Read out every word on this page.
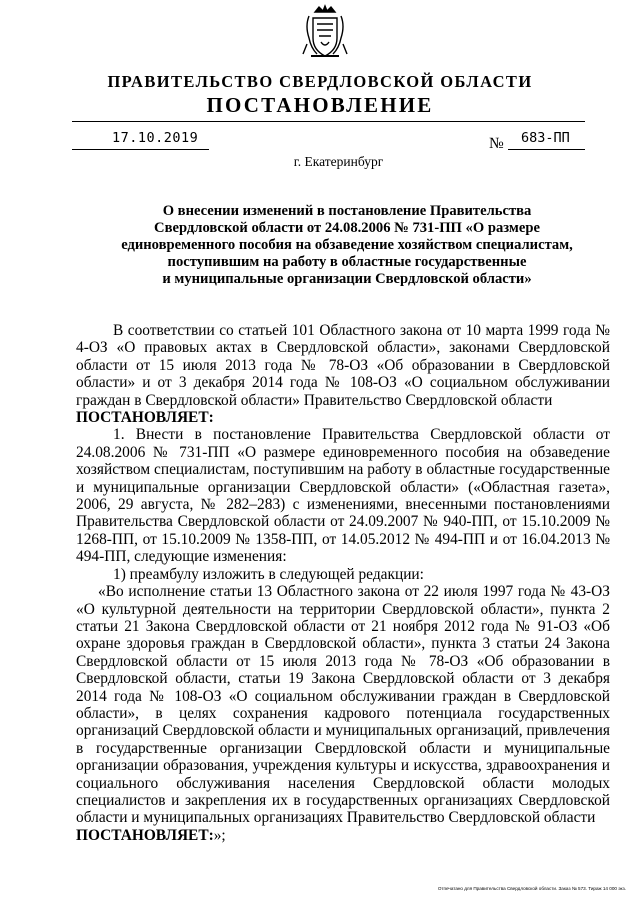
ПРАВИТЕЛЬСТВО СВЕРДЛОВСКОЙ ОБЛАСТИ
ПОСТАНОВЛЕНИЕ
17.10.2019	№ 683-ПП
г. Екатеринбург
О внесении изменений в постановление Правительства
Свердловской области от 24.08.2006 № 731-ПП «О размере
единовременного пособия на обзаведение хозяйством специалистам,
поступившим на работу в областные государственные
и муниципальные организации Свердловской области»

В соответствии со статьей 101 Областного закона от 10 марта 1999 года № 4-ОЗ «О правовых актах в Свердловской области», законами Свердловской области от 15 июля 2013 года № 78-ОЗ «Об образовании в Свердловской области» и от 3 декабря 2014 года № 108-ОЗ «О социальном обслуживании граждан в Свердловской области» Правительство Свердловской области

ПОСТАНОВЛЯЕТ:

1. Внести в постановление Правительства Свердловской области от 24.08.2006 № 731-ПП «О размере единовременного пособия на обзаведение хозяйством специалистам, поступившим на работу в областные государственные и муниципальные организации Свердловской области» («Областная газета», 2006, 29 августа, № 282–283) с изменениями, внесенными постановлениями Правительства Свердловской области от 24.09.2007 № 940-ПП, от 15.10.2009 № 1268-ПП, от 15.10.2009 № 1358-ПП, от 14.05.2012 № 494-ПП и от 16.04.2013 № 494-ПП, следующие изменения:

1) преамбулу изложить в следующей редакции:

«Во исполнение статьи 13 Областного закона от 22 июля 1997 года № 43-ОЗ «О культурной деятельности на территории Свердловской области», пункта 2 статьи 21 Закона Свердловской области от 21 ноября 2012 года № 91-ОЗ «Об охране здоровья граждан в Свердловской области», пункта 3 статьи 24 Закона Свердловской области от 15 июля 2013 года № 78-ОЗ «Об образовании в Свердловской области, статьи 19 Закона Свердловской области от 3 декабря 2014 года № 108-ОЗ «О социальном обслуживании граждан в Свердловской области», в целях сохранения кадрового потенциала государственных организаций Свердловской области и муниципальных организаций, привлечения в государственные организации Свердловской области и муниципальные организации образования, учреждения культуры и искусства, здравоохранения и социального обслуживания населения Свердловской области молодых специалистов и закрепления их в государственных организациях Свердловской области и муниципальных организациях Правительство Свердловской области

ПОСТАНОВЛЯЕТ:»;

Отпечатано для Правительства Свердловской области. Заказ № 573. Тираж 14 000 экз.
